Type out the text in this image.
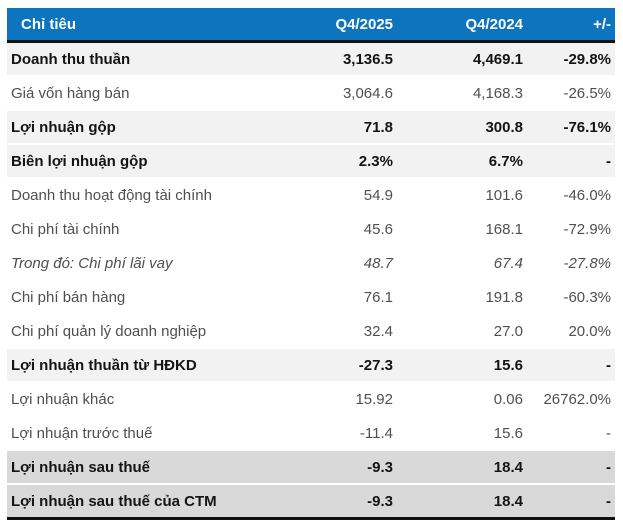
Chỉ tiêu	Q4/2025	Q4/2024	+/-
Doanh thu thuần	3,136.5	4,469.1	-29.8%
Giá vốn hàng bán	3,064.6	4,168.3	-26.5%
Lợi nhuận gộp	71.8	300.8	-76.1%
Biên lợi nhuận gộp	2.3%	6.7%	-
Doanh thu hoạt động tài chính	54.9	101.6	-46.0%
Chi phí tài chính	45.6	168.1	-72.9%
Trong đó: Chi phí lãi vay	48.7	67.4	-27.8%
Chi phí bán hàng	76.1	191.8	-60.3%
Chi phí quản lý doanh nghiệp	32.4	27.0	20.0%
Lợi nhuận thuần từ HĐKD	-27.3	15.6	-
Lợi nhuận khác	15.92	0.06	26762.0%
Lợi nhuận trước thuế	-11.4	15.6	-
Lợi nhuận sau thuế	-9.3	18.4	-
Lợi nhuận sau thuế của CTM	-9.3	18.4	-
